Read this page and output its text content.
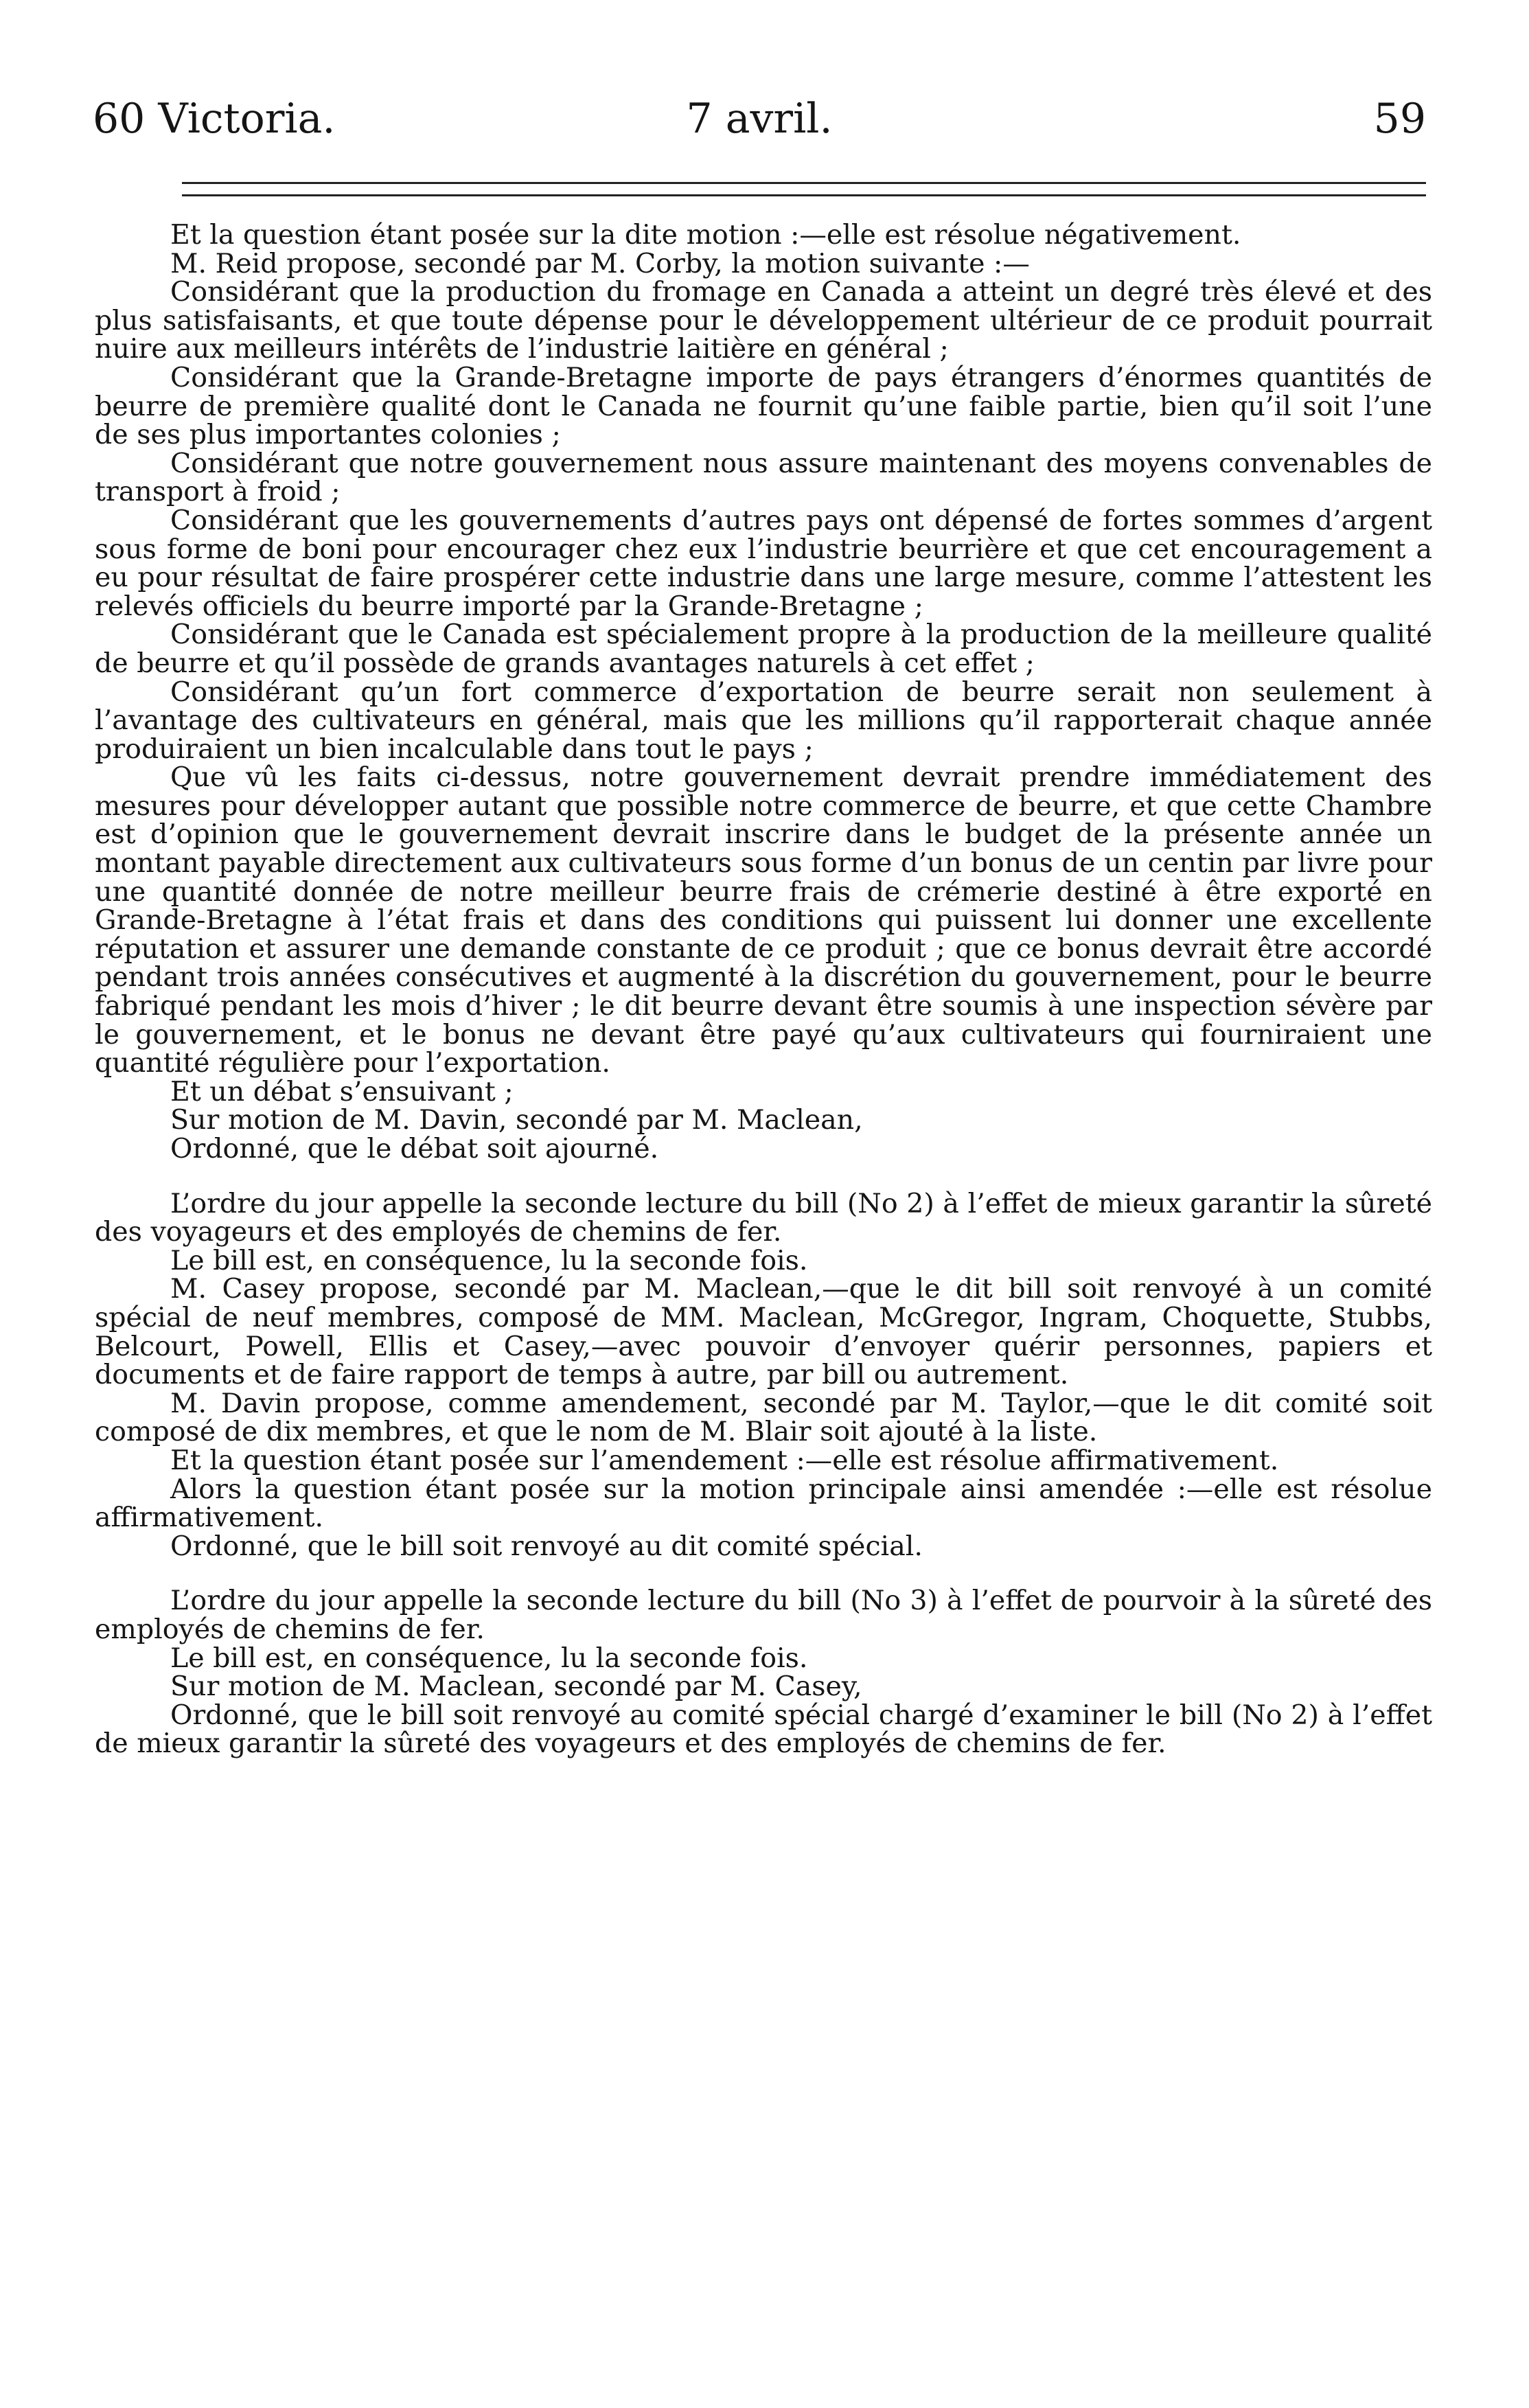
60 Victoria.	7 avril.	59

Et la question étant posée sur la dite motion :—elle est résolue négativement.

M. Reid propose, secondé par M. Corby, la motion suivante :—

Considérant que la production du fromage en Canada a atteint un degré très élevé et des plus satisfaisants, et que toute dépense pour le développement ultérieur de ce produit pourrait nuire aux meilleurs intérêts de l’industrie laitière en général ;

Considérant que la Grande-Bretagne importe de pays étrangers d’énormes quantités de beurre de première qualité dont le Canada ne fournit qu’une faible partie, bien qu’il soit l’une de ses plus importantes colonies ;

Considérant que notre gouvernement nous assure maintenant des moyens convenables de transport à froid ;

Considérant que les gouvernements d’autres pays ont dépensé de fortes sommes d’argent sous forme de boni pour encourager chez eux l’industrie beurrière et que cet encouragement a eu pour résultat de faire prospérer cette industrie dans une large mesure, comme l’attestent les relevés officiels du beurre importé par la Grande-Bretagne ;

Considérant que le Canada est spécialement propre à la production de la meilleure qualité de beurre et qu’il possède de grands avantages naturels à cet effet ;

Considérant qu’un fort commerce d’exportation de beurre serait non seulement à l’avantage des cultivateurs en général, mais que les millions qu’il rapporterait chaque année produiraient un bien incalculable dans tout le pays ;

Que vû les faits ci-dessus, notre gouvernement devrait prendre immédiatement des mesures pour développer autant que possible notre commerce de beurre, et que cette Chambre est d’opinion que le gouvernement devrait inscrire dans le budget de la présente année un montant payable directement aux cultivateurs sous forme d’un bonus de un centin par livre pour une quantité donnée de notre meilleur beurre frais de crémerie destiné à être exporté en Grande-Bretagne à l’état frais et dans des conditions qui puissent lui donner une excellente réputation et assurer une demande constante de ce produit ; que ce bonus devrait être accordé pendant trois années consécutives et augmenté à la discrétion du gouvernement, pour le beurre fabriqué pendant les mois d’hiver ; le dit beurre devant être soumis à une inspection sévère par le gouvernement, et le bonus ne devant être payé qu’aux cultivateurs qui fourniraient une quantité régulière pour l’exportation.

Et un débat s’ensuivant ;

Sur motion de M. Davin, secondé par M. Maclean,

Ordonné, que le débat soit ajourné.

L’ordre du jour appelle la seconde lecture du bill (No 2) à l’effet de mieux garantir la sûreté des voyageurs et des employés de chemins de fer.

Le bill est, en conséquence, lu la seconde fois.

M. Casey propose, secondé par M. Maclean,—que le dit bill soit renvoyé à un comité spécial de neuf membres, composé de MM. Maclean, McGregor, Ingram, Choquette, Stubbs, Belcourt, Powell, Ellis et Casey,—avec pouvoir d’envoyer quérir personnes, papiers et documents et de faire rapport de temps à autre, par bill ou autrement.

M. Davin propose, comme amendement, secondé par M. Taylor,—que le dit comité soit composé de dix membres, et que le nom de M. Blair soit ajouté à la liste.

Et la question étant posée sur l’amendement :—elle est résolue affirmativement.

Alors la question étant posée sur la motion principale ainsi amendée :—elle est résolue affirmativement.

Ordonné, que le bill soit renvoyé au dit comité spécial.

L’ordre du jour appelle la seconde lecture du bill (No 3) à l’effet de pourvoir à la sûreté des employés de chemins de fer.

Le bill est, en conséquence, lu la seconde fois.

Sur motion de M. Maclean, secondé par M. Casey,

Ordonné, que le bill soit renvoyé au comité spécial chargé d’examiner le bill (No 2) à l’effet de mieux garantir la sûreté des voyageurs et des employés de chemins de fer.
